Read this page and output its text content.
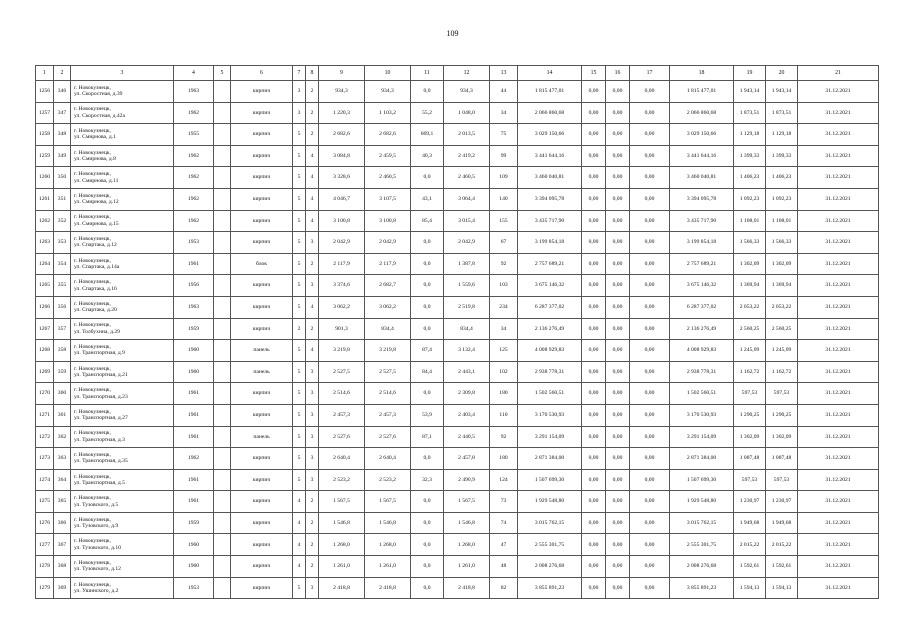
109
1	2	3	4	5	6	7	8	9	10	11	12	13	14	15	16	17	18	19	20	21
1256	346	г. Новокузнецк,
ул. Скоростная, д.39	1963		кирпич	3	2	934,3	934,3	0,0	934,3	44	1 815 477,01	0,00	0,00	0,00	1 815 477,01	1 943,14	1 943,14	31.12.2021
1257	347	г. Новокузнецк,
ул. Скоростная, д.42а	1962		кирпич	3	2	1 220,3	1 103,2	55,2	1 048,0	34	2 066 860,68	0,00	0,00	0,00	2 066 860,68	1 873,51	1 873,51	31.12.2021
1258	348	г. Новокузнецк,
ул. Смирнова, д.1	1955		кирпич	5	2	2 682,6	2 682,6	669,1	2 013,5	75	3 029 150,66	0,00	0,00	0,00	3 029 150,66	1 129,18	1 129,18	31.12.2021
1259	349	г. Новокузнецк,
ул. Смирнова, д.8	1962		кирпич	5	4	3 084,8	2 459,5	40,3	2 419,2	99	3 441 644,16	0,00	0,00	0,00	3 441 644,16	1 399,33	1 399,33	31.12.2021
1260	350	г. Новокузнецк,
ул. Смирнова, д.11	1962		кирпич	5	4	3 328,6	2 460,5	0,0	2 460,5	109	3 460 040,81	0,00	0,00	0,00	3 460 040,81	1 406,23	1 406,23	31.12.2021
1261	351	г. Новокузнецк,
ул. Смирнова, д.12	1962		кирпич	5	4	4 046,7	3 107,5	43,1	3 064,4	140	3 394 095,78	0,00	0,00	0,00	3 394 095,78	1 092,23	1 092,23	31.12.2021
1262	352	г. Новокузнецк,
ул. Смирнова, д.15	1962		кирпич	5	4	3 100,8	3 100,8	85,4	3 015,4	155	3 435 717,90	0,00	0,00	0,00	3 435 717,90	1 108,01	1 108,01	31.12.2021
1263	353	г. Новокузнецк,
ул. Спартака, д.12	1953		кирпич	5	3	2 042,9	2 042,9	0,0	2 042,9	67	3 199 854,18	0,00	0,00	0,00	3 199 854,18	1 566,33	1 566,33	31.12.2021
1264	354	г. Новокузнецк,
ул. Спартака, д.14а	1961		блок	5	2	2 117,9	2 117,9	0,0	1 387,8	92	2 757 689,21	0,00	0,00	0,00	2 757 689,21	1 302,09	1 302,09	31.12.2021
1265	355	г. Новокузнецк,
ул. Спартака, д.16	1956		кирпич	5	3	3 374,6	2 682,7	0,0	1 559,6	103	3 675 146,32	0,00	0,00	0,00	3 675 146,32	1 369,94	1 369,94	31.12.2021
1266	356	г. Новокузнецк,
ул. Спартака, д.20	1963		кирпич	5	4	3 062,2	3 062,2	0,0	2 519,8	234	6 287 377,02	0,00	0,00	0,00	6 287 377,02	2 053,22	2 053,22	31.12.2021
1267	357	г. Новокузнецк,
ул. Толбухина, д.29	1959		кирпич	2	2	901,3	834,4	0,0	834,4	34	2 136 276,49	0,00	0,00	0,00	2 136 276,49	2 560,25	2 560,25	31.12.2021
1268	358	г. Новокузнецк,
ул. Транспортная, д.9	1960		панель	5	4	3 219,8	3 219,8	87,4	3 132,4	125	4 008 929,83	0,00	0,00	0,00	4 008 929,83	1 245,09	1 245,09	31.12.2021
1269	359	г. Новокузнецк,
ул. Транспортная, д.21	1960		панель	5	3	2 527,5	2 527,5	84,4	2 443,1	102	2 938 778,31	0,00	0,00	0,00	2 938 778,31	1 162,72	1 162,72	31.12.2021
1270	360	г. Новокузнецк,
ул. Транспортная, д.23	1961		кирпич	5	3	2 514,6	2 514,6	0,0	2 309,8	180	1 502 560,51	0,00	0,00	0,00	1 502 560,51	597,53	597,53	31.12.2021
1271	361	г. Новокузнецк,
ул. Транспортная, д.27	1961		кирпич	5	3	2 457,3	2 457,3	53,9	2 403,4	110	3 170 530,93	0,00	0,00	0,00	3 170 530,93	1 290,25	1 290,25	31.12.2021
1272	362	г. Новокузнецк,
ул. Транспортная, д.3	1961		панель	5	3	2 527,6	2 527,6	87,1	2 440,5	92	3 291 154,09	0,00	0,00	0,00	3 291 154,09	1 302,09	1 302,09	31.12.2021
1273	363	г. Новокузнецк,
ул. Транспортная, д.35	1962		кирпич	5	3	2 640,4	2 640,4	0,0	2 457,8	180	2 871 384,00	0,00	0,00	0,00	2 871 384,00	1 087,48	1 087,48	31.12.2021
1274	364	г. Новокузнецк,
ул. Транспортная, д.5	1961		кирпич	5	3	2 523,2	2 523,2	32,3	2 490,9	124	1 507 699,30	0,00	0,00	0,00	1 507 699,30	597,53	597,53	31.12.2021
1275	365	г. Новокузнецк,
ул. Тузовского, д.5	1961		кирпич	4	2	1 567,5	1 567,5	0,0	1 567,5	73	1 929 548,80	0,00	0,00	0,00	1 929 548,80	1 230,97	1 230,97	31.12.2021
1276	366	г. Новокузнецк,
ул. Тузовского, д.9	1959		кирпич	4	2	1 546,8	1 546,8	0,0	1 546,8	74	3 015 762,15	0,00	0,00	0,00	3 015 762,15	1 949,68	1 949,68	31.12.2021
1277	367	г. Новокузнецк,
ул. Тузовского, д.10	1960		кирпич	4	2	1 268,0	1 268,0	0,0	1 268,0	47	2 555 301,75	0,00	0,00	0,00	2 555 301,75	2 015,22	2 015,22	31.12.2021
1278	368	г. Новокузнецк,
ул. Тузовского, д.12	1960		кирпич	4	2	1 261,0	1 261,0	0,0	1 261,0	48	2 008 276,68	0,00	0,00	0,00	2 008 276,68	1 592,61	1 592,61	31.12.2021
1279	369	г. Новокузнецк,
ул. Ушинского, д.2	1953		кирпич	5	3	2 418,8	2 418,8	0,0	2 418,8	82	3 855 891,23	0,00	0,00	0,00	3 855 891,23	1 594,13	1 594,13	31.12.2021
